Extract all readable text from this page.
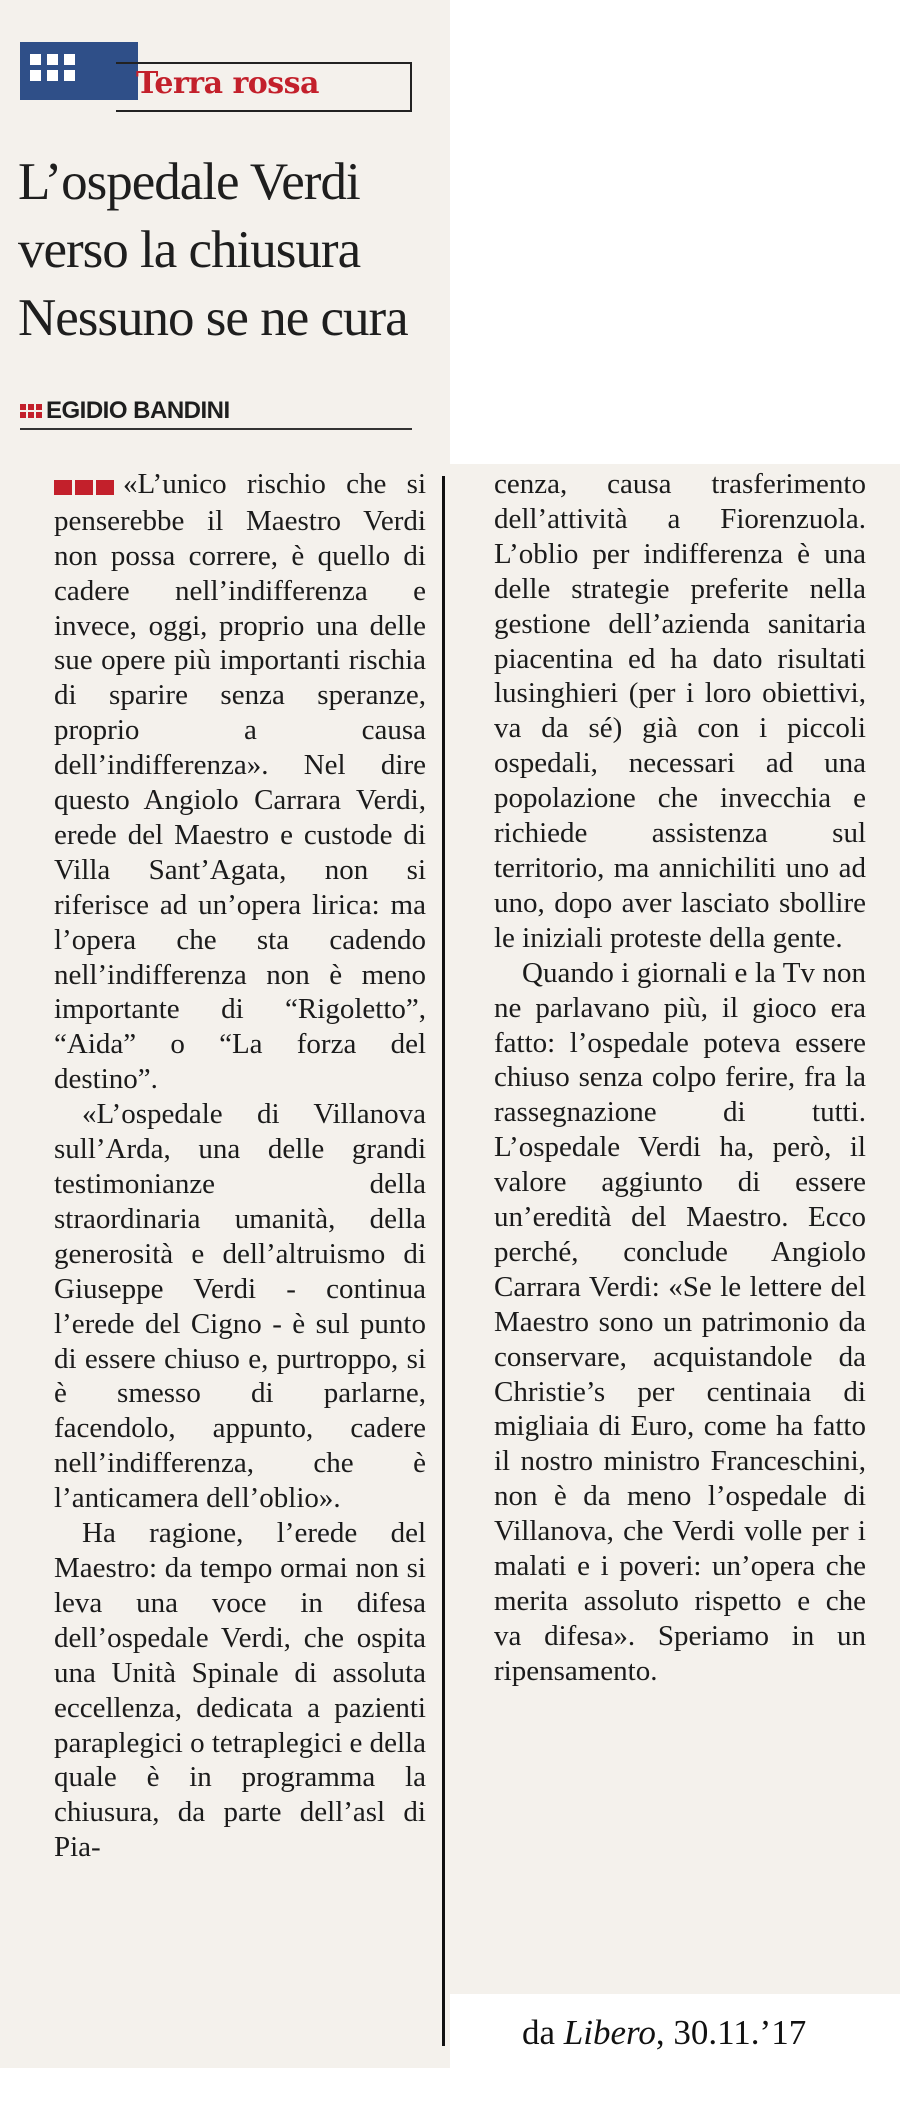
Terra rossa
L’ospedale Verdi
verso la chiusura
Nessuno se ne cura
EGIDIO BANDINI

«L’unico rischio che si penserebbe il Maestro Verdi non possa correre, è quello di cadere nell’indifferenza e invece, oggi, proprio una delle sue opere più importanti rischia di sparire senza speranze, proprio a causa dell’indifferenza». Nel dire questo Angiolo Carrara Verdi, erede del Maestro e custode di Villa Sant’Agata, non si riferisce ad un’opera lirica: ma l’opera che sta cadendo nell’indifferenza non è meno importante di “Rigoletto”, “Aida” o “La forza del destino”.

«L’ospedale di Villanova sull’Arda, una delle grandi testimonianze della straordinaria umanità, della generosità e dell’altruismo di Giuseppe Verdi - continua l’erede del Cigno - è sul punto di essere chiuso e, purtroppo, si è smesso di parlarne, facendolo, appunto, cadere nell’indifferenza, che è l’anticamera dell’oblio».

Ha ragione, l’erede del Maestro: da tempo ormai non si leva una voce in difesa dell’ospedale Verdi, che ospita una Unità Spinale di assoluta eccellenza, dedicata a pazienti paraplegici o tetraplegici e della quale è in programma la chiusura, da parte dell’asl di Pia-

cenza, causa trasferimento dell’attività a Fiorenzuola. L’oblio per indifferenza è una delle strategie preferite nella gestione dell’azienda sanitaria piacentina ed ha dato risultati lusinghieri (per i loro obiettivi, va da sé) già con i piccoli ospedali, necessari ad una popolazione che invecchia e richiede assistenza sul territorio, ma annichiliti uno ad uno, dopo aver lasciato sbollire le iniziali proteste della gente.

Quando i giornali e la Tv non ne parlavano più, il gioco era fatto: l’ospedale poteva essere chiuso senza colpo ferire, fra la rassegnazione di tutti. L’ospedale Verdi ha, però, il valore aggiunto di essere un’eredità del Maestro. Ecco perché, conclude Angiolo Carrara Verdi: «Se le lettere del Maestro sono un patrimonio da conservare, acquistandole da Christie’s per centinaia di migliaia di Euro, come ha fatto il nostro ministro Franceschini, non è da meno l’ospedale di Villanova, che Verdi volle per i malati e i poveri: un’opera che merita assoluto rispetto e che va difesa». Speriamo in un ripensamento.

da Libero, 30.11.’17
